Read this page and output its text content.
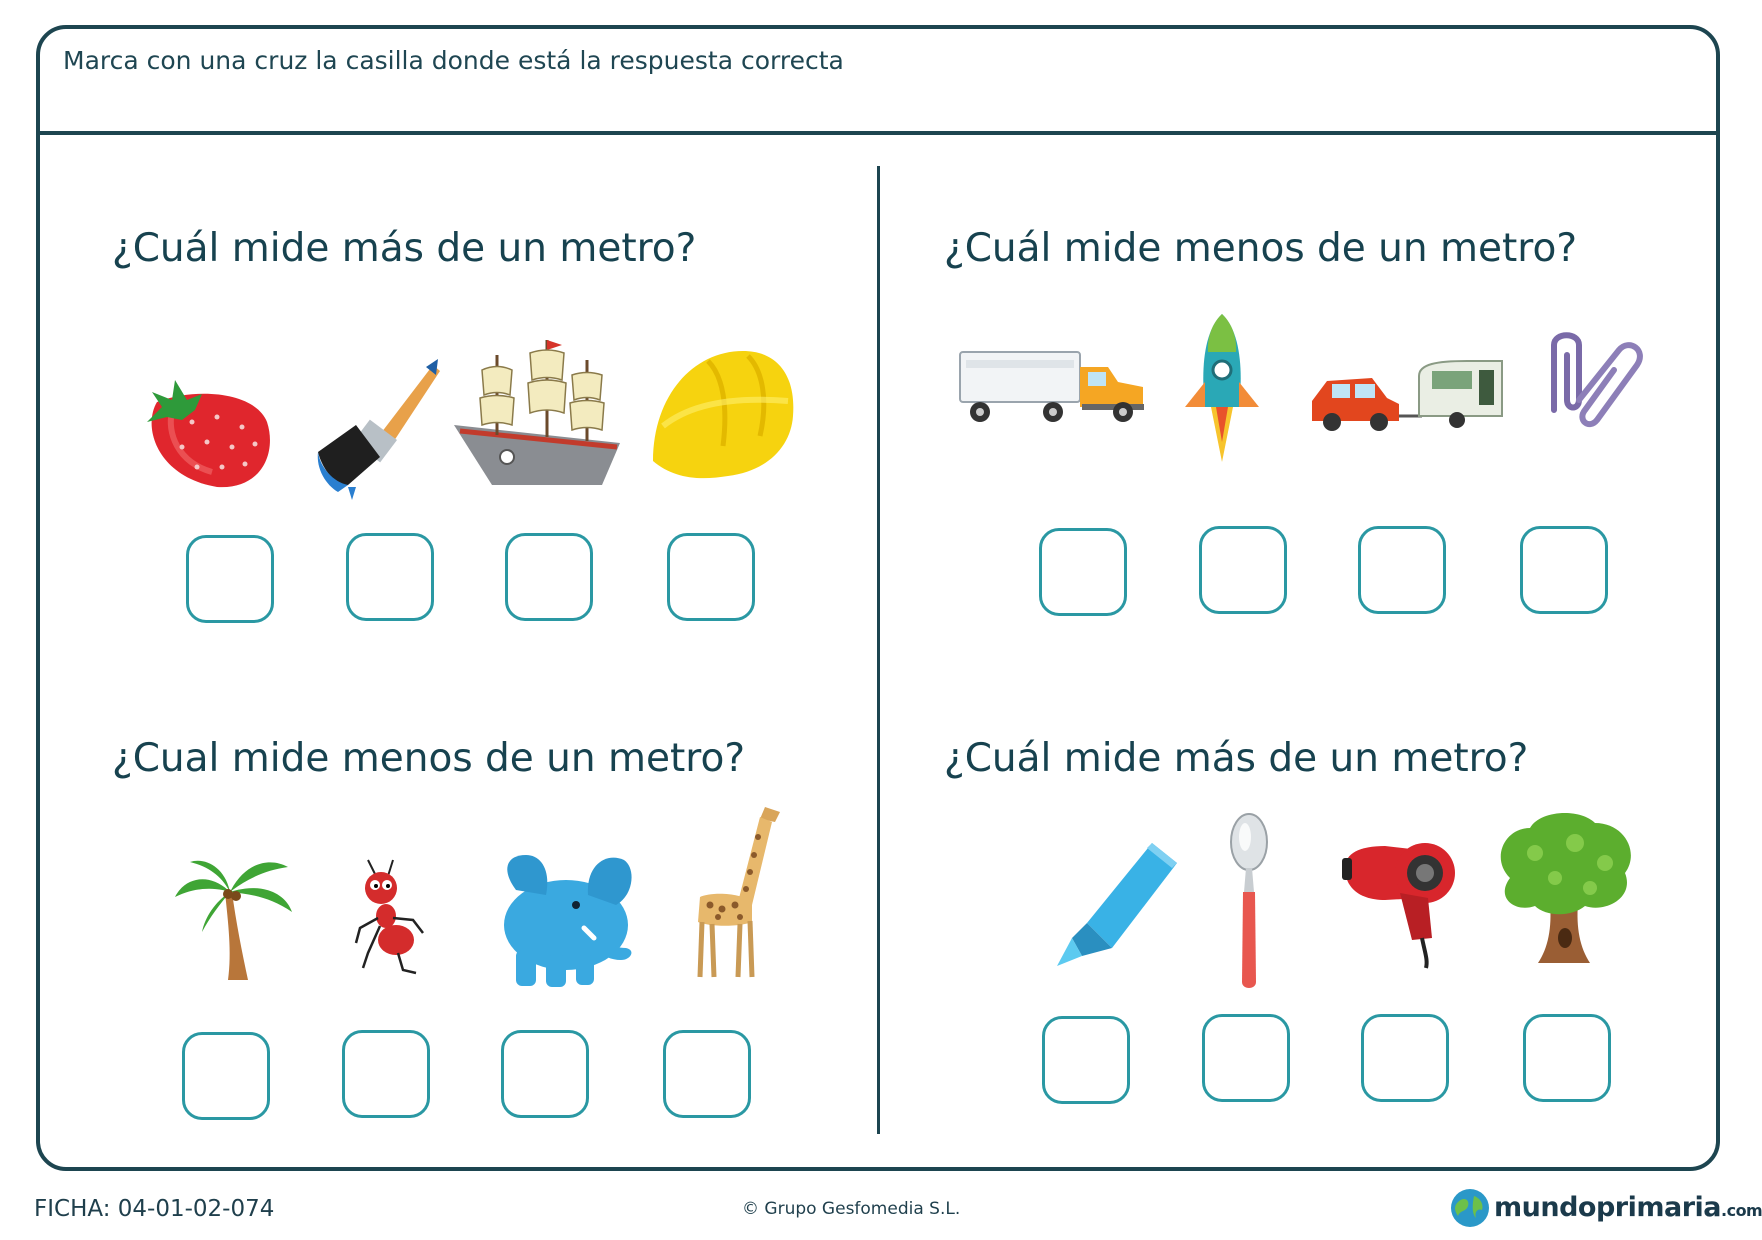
Marca con una cruz la casilla donde está la respuesta correcta
¿Cuál mide más de un metro?	¿Cuál mide menos de un metro?
¿Cual mide menos de un metro?	¿Cuál mide más de un metro?
FICHA: 04-01-02-074	© Grupo Gesfomedia S.L.	mundoprimaria.com
